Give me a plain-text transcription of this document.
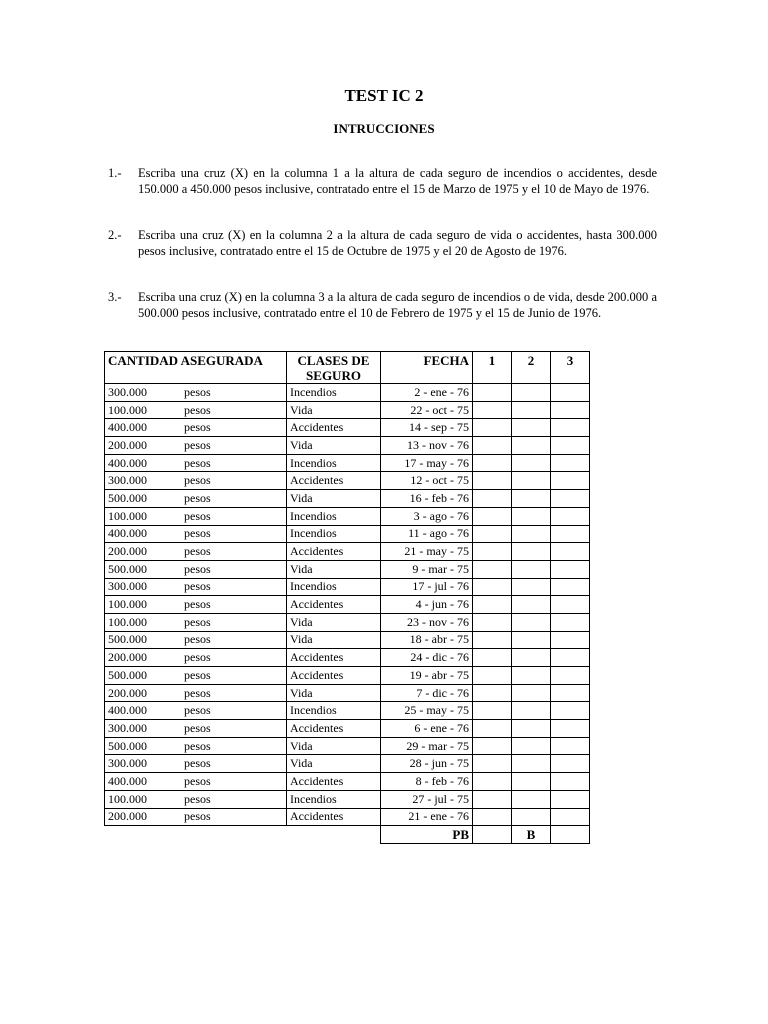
TEST IC 2
INTRUCCIONES
1.- Escriba una cruz (X) en la columna 1 a la altura de cada seguro de incendios o accidentes, desde 150.000 a 450.000 pesos inclusive, contratado entre el 15 de Marzo de 1975 y el 10 de Mayo de 1976.
2.- Escriba una cruz (X) en la columna 2 a la altura de cada seguro de vida o accidentes, hasta 300.000 pesos inclusive, contratado entre el 15 de Octubre de 1975 y el 20 de Agosto de 1976.
3.- Escriba una cruz (X) en la columna 3 a la altura de cada seguro de incendios o de vida, desde 200.000 a 500.000 pesos inclusive, contratado entre el 10 de Febrero de 1975 y el 15 de Junio de 1976.
CANTIDAD ASEGURADA	CLASES DE
SEGURO	FECHA	1	2	3
300.000 pesos	Incendios	2 - ene - 76			
100.000 pesos	Vida	22 - oct - 75			
400.000 pesos	Accidentes	14 - sep - 75			
200.000 pesos	Vida	13 - nov - 76			
400.000 pesos	Incendios	17 - may - 76			
300.000 pesos	Accidentes	12 - oct - 75			
500.000 pesos	Vida	16 - feb - 76			
100.000 pesos	Incendios	3 - ago - 76			
400.000 pesos	Incendios	11 - ago - 76			
200.000 pesos	Accidentes	21 - may - 75			
500.000 pesos	Vida	9 - mar - 75			
300.000 pesos	Incendios	17 - jul - 76			
100.000 pesos	Accidentes	4 - jun - 76			
100.000 pesos	Vida	23 - nov - 76			
500.000 pesos	Vida	18 - abr - 75			
200.000 pesos	Accidentes	24 - dic - 76			
500.000 pesos	Accidentes	19 - abr - 75			
200.000 pesos	Vida	7 - dic - 76			
400.000 pesos	Incendios	25 - may - 75			
300.000 pesos	Accidentes	6 - ene - 76			
500.000 pesos	Vida	29 - mar - 75			
300.000 pesos	Vida	28 - jun - 75			
400.000 pesos	Accidentes	8 - feb - 76			
100.000 pesos	Incendios	27 - jul - 75			
200.000 pesos	Accidentes	21 - ene - 76			
		PB		B	
